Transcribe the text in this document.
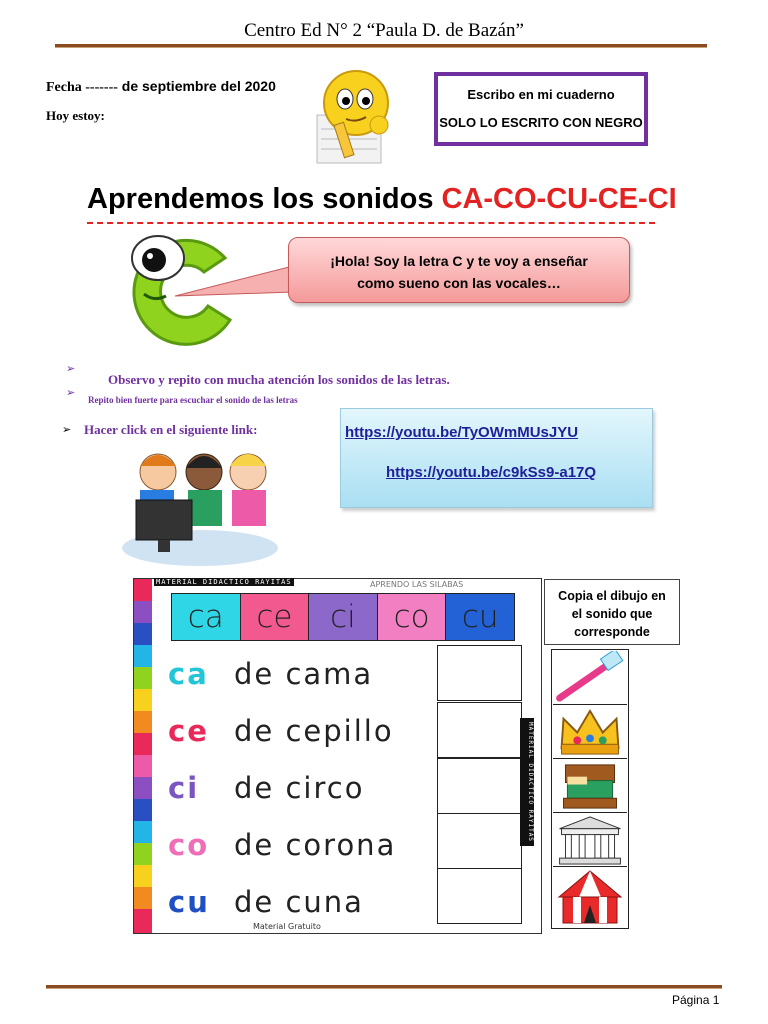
Centro Ed N° 2 “Paula D. de Bazán”
Fecha ------- de septiembre del 2020
Hoy estoy:
Escribo en mi cuaderno
SOLO LO ESCRITO CON NEGRO
Aprendemos los sonidos CA-CO-CU-CE-CI
¡Hola! Soy la letra C y te voy a enseñar
como sueno con las vocales…
➢
Observo y repito con mucha atención los sonidos de las letras.
➢
Repito bien fuerte para escuchar el sonido de las letras
➢ Hacer click en el siguiente link:	https://youtu.be/TyOWmMUsJYU
https://youtu.be/c9kSs9-a17Q
MATERIAL DIDACTICO RAYITAS	APRENDO LAS SILABAS
ca	ce	ci	co	cu
ca de cama
ce de cepillo
ci	de circo
co de corona
cu de cuna
MATERIAL DIDACTICO RAYITAS
Material Gratuito
Copia el dibujo en
el sonido que
corresponde
Página 1
